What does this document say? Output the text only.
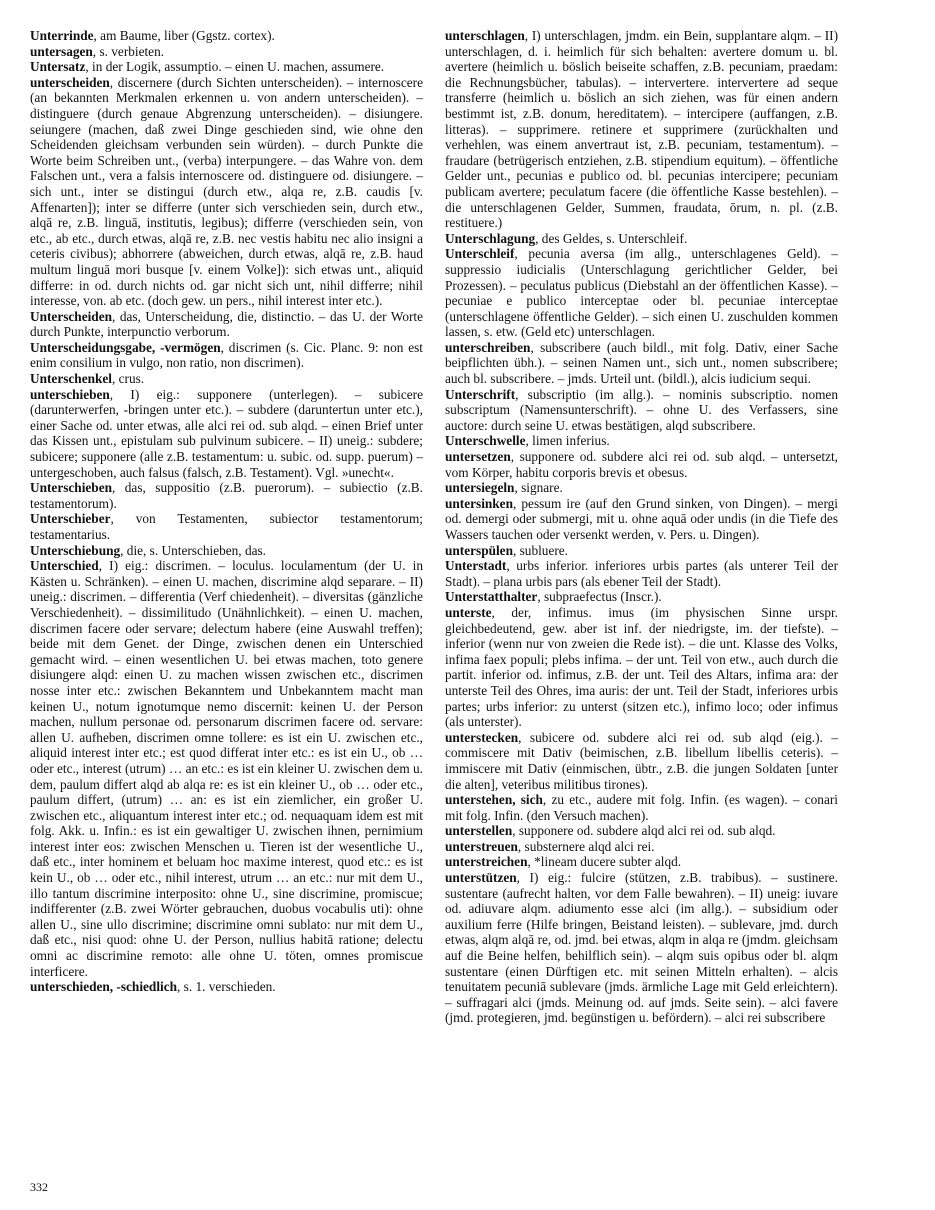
Unterrinde, am Baume, liber (Ggstz. cortex).

untersagen, s. verbieten.

Untersatz, in der Logik, assumptio. – einen U. machen, assumere.

unterscheiden, discernere (durch Sichten unterscheiden). – internoscere (an bekannten Merkmalen erkennen u. von andern unterscheiden). – distinguere (durch genaue Abgrenzung unterscheiden). – disiungere. seiungere (machen, daß zwei Dinge geschieden sind, wie ohne den Scheidenden gleichsam verbunden sein würden). – durch Punkte die Worte beim Schreiben unt., (verba) interpungere. – das Wahre von. dem Falschen unt., vera a falsis internoscere od. distinguere od. disiungere. – sich unt., inter se distingui (durch etw., alqa re, z.B. caudis [v. Affenarten]); inter se differre (unter sich verschieden sein, durch etw., alqā re, z.B. linguā, institutis, legibus); differre (verschieden sein, von etc., ab etc., durch etwas, alqā re, z.B. nec vestis habitu nec alio insigni a ceteris civibus); abhorrere (abweichen, durch etwas, alqā re, z.B. haud multum linguā mori busque [v. einem Volke]): sich etwas unt., aliquid differre: in od. durch nichts od. gar nicht sich unt, nihil differre; nihil interesse, von. ab etc. (doch gew. un pers., nihil interest inter etc.).

Unterscheiden, das, Unterscheidung, die, distinctio. – das U. der Worte durch Punkte, interpunctio verborum.

Unterscheidungsgabe, -vermögen, discrimen (s. Cic. Planc. 9: non est enim consilium in vulgo, non ratio, non discrimen).

Unterschenkel, crus.

unterschieben, I) eig.: supponere (unterlegen). – subicere (darunterwerfen, -bringen unter etc.). – subdere (daruntertun unter etc.), einer Sache od. unter etwas, alle alci rei od. sub alqd. – einen Brief unter das Kissen unt., epistulam sub pulvinum subicere. – II) uneig.: subdere; subicere; supponere (alle z.B. testamentum: u. subic. od. supp. puerum) – untergeschoben, auch falsus (falsch, z.B. Testament). Vgl. »unecht«.

Unterschieben, das, suppositio (z.B. puerorum). – subiectio (z.B. testamentorum).

Unterschieber, von Testamenten, subiector testamentorum; testamentarius.

Unterschiebung, die, s. Unterschieben, das.

Unterschied, I) eig.: discrimen. – loculus. loculamentum (der U. in Kästen u. Schränken). – einen U. machen, discrimine alqd separare. – II) uneig.: discrimen. – differentia (Verf chiedenheit). – diversitas (gänzliche Verschiedenheit). – dissimilitudo (Unähnlichkeit). – einen U. machen, discrimen facere oder servare; delectum habere (eine Auswahl treffen); beide mit dem Genet. der Dinge, zwischen denen ein Unterschied gemacht wird. – einen wesentlichen U. bei etwas machen, toto genere disiungere alqd: einen U. zu machen wissen zwischen etc., discrimen nosse inter etc.: zwischen Bekanntem und Unbekanntem macht man keinen U., notum ignotumque nemo discernit: keinen U. der Person machen, nullum personae od. personarum discrimen facere od. servare: allen U. aufheben, discrimen omne tollere: es ist ein U. zwischen etc., aliquid interest inter etc.; est quod differat inter etc.: es ist ein U., ob … oder etc., interest (utrum) … an etc.: es ist ein kleiner U. zwischen dem u. dem, paulum differt alqd ab alqa re: es ist ein kleiner U., ob … oder etc., paulum differt, (utrum) … an: es ist ein ziemlicher, ein großer U. zwischen etc., aliquantum interest inter etc.; od. nequaquam idem est mit folg. Akk. u. Infin.: es ist ein gewaltiger U. zwischen ihnen, pernimium interest inter eos: zwischen Menschen u. Tieren ist der wesentliche U., daß etc., inter hominem et beluam hoc maxime interest, quod etc.: es ist kein U., ob … oder etc., nihil interest, utrum … an etc.: nur mit dem U., illo tantum discrimine interposito: ohne U., sine discrimine, promiscue; indifferenter (z.B. zwei Wörter gebrauchen, duobus vocabulis uti): ohne allen U., sine ullo discrimine; discrimine omni sublato: nur mit dem U., daß etc., nisi quod: ohne U. der Person, nullius habitā ratione; delectu omni ac discrimine remoto: alle ohne U. töten, omnes promiscue interficere.

unterschieden, -schiedlich, s. 1. verschieden.

unterschlagen, I) unterschlagen, jmdm. ein Bein, supplantare alqm. – II) unterschlagen, d. i. heimlich für sich behalten: avertere domum u. bl. avertere (heimlich u. böslich beiseite schaffen, z.B. pecuniam, praedam: die Rechnungsbücher, tabulas). – intervertere. intervertere ad seque transferre (heimlich u. böslich an sich ziehen, was für einen andern bestimmt ist, z.B. donum, hereditatem). – intercipere (auffangen, z.B. litteras). – supprimere. retinere et supprimere (zurückhalten und verhehlen, was einem anvertraut ist, z.B. pecuniam, testamentum). – fraudare (betrügerisch entziehen, z.B. stipendium equitum). – öffentliche Gelder unt., pecunias e publico od. bl. pecunias intercipere; pecuniam publicam avertere; peculatum facere (die öffentliche Kasse bestehlen). – die unterschlagenen Gelder, Summen, fraudata, ōrum, n. pl. (z.B. restituere.)

Unterschlagung, des Geldes, s. Unterschleif.

Unterschleif, pecunia aversa (im allg., unterschlagenes Geld). – suppressio iudicialis (Unterschlagung gerichtlicher Gelder, bei Prozessen). – peculatus publicus (Diebstahl an der öffentlichen Kasse). – pecuniae e publico interceptae oder bl. pecuniae interceptae (unterschlagene öffentliche Gelder). – sich einen U. zuschulden kommen lassen, s. etw. (Geld etc) unterschlagen.

unterschreiben, subscribere (auch bildl., mit folg. Dativ, einer Sache beipflichten übh.). – seinen Namen unt., sich unt., nomen subscribere; auch bl. subscribere. – jmds. Urteil unt. (bildl.), alcis iudicium sequi.

Unterschrift, subscriptio (im allg.). – nominis subscriptio. nomen subscriptum (Namensunterschrift). – ohne U. des Verfassers, sine auctore: durch seine U. etwas bestätigen, alqd subscribere.

Unterschwelle, limen inferius.

untersetzen, supponere od. subdere alci rei od. sub alqd. – untersetzt, vom Körper, habitu corporis brevis et obesus.

untersiegeln, signare.

untersinken, pessum ire (auf den Grund sinken, von Dingen). – mergi od. demergi oder submergi, mit u. ohne aquā oder undis (in die Tiefe des Wassers tauchen oder versenkt werden, v. Pers. u. Dingen).

unterspülen, subluere.

Unterstadt, urbs inferior. inferiores urbis partes (als unterer Teil der Stadt). – plana urbis pars (als ebener Teil der Stadt).

Unterstatthalter, subpraefectus (Inscr.).

unterste, der, infimus. imus (im physischen Sinne urspr. gleichbedeutend, gew. aber ist inf. der niedrigste, im. der tiefste). – inferior (wenn nur von zweien die Rede ist). – die unt. Klasse des Volks, infima faex populi; plebs infima. – der unt. Teil von etw., auch durch die partit. inferior od. infimus, z.B. der unt. Teil des Altars, infima ara: der unterste Teil des Ohres, ima auris: der unt. Teil der Stadt, inferiores urbis partes; urbs inferior: zu unterst (sitzen etc.), infimo loco; oder infimus (als unterster).

unterstecken, subicere od. subdere alci rei od. sub alqd (eig.). – commiscere mit Dativ (beimischen, z.B. libellum libellis ceteris). – immiscere mit Dativ (einmischen, übtr., z.B. die jungen Soldaten [unter die alten], veteribus militibus tirones).

unterstehen, sich, zu etc., audere mit folg. Infin. (es wagen). – conari mit folg. Infin. (den Versuch machen).

unterstellen, supponere od. subdere alqd alci rei od. sub alqd.

unterstreuen, substernere alqd alci rei.

unterstreichen, *lineam ducere subter alqd.

unterstützen, I) eig.: fulcire (stützen, z.B. trabibus). – sustinere. sustentare (aufrecht halten, vor dem Falle bewahren). – II) uneig: iuvare od. adiuvare alqm. adiumento esse alci (im allg.). – subsidium oder auxilium ferre (Hilfe bringen, Beistand leisten). – sublevare, jmd. durch etwas, alqm alqā re, od. jmd. bei etwas, alqm in alqa re (jmdm. gleichsam auf die Beine helfen, behilflich sein). – alqm suis opibus oder bl. alqm sustentare (einen Dürftigen etc. mit seinen Mitteln erhalten). – alcis tenuitatem pecuniā sublevare (jmds. ärmliche Lage mit Geld erleichtern). – suffragari alci (jmds. Meinung od. auf jmds. Seite sein). – alci favere (jmd. protegieren, jmd. begünstigen u. befördern). – alci rei subscribere

332
